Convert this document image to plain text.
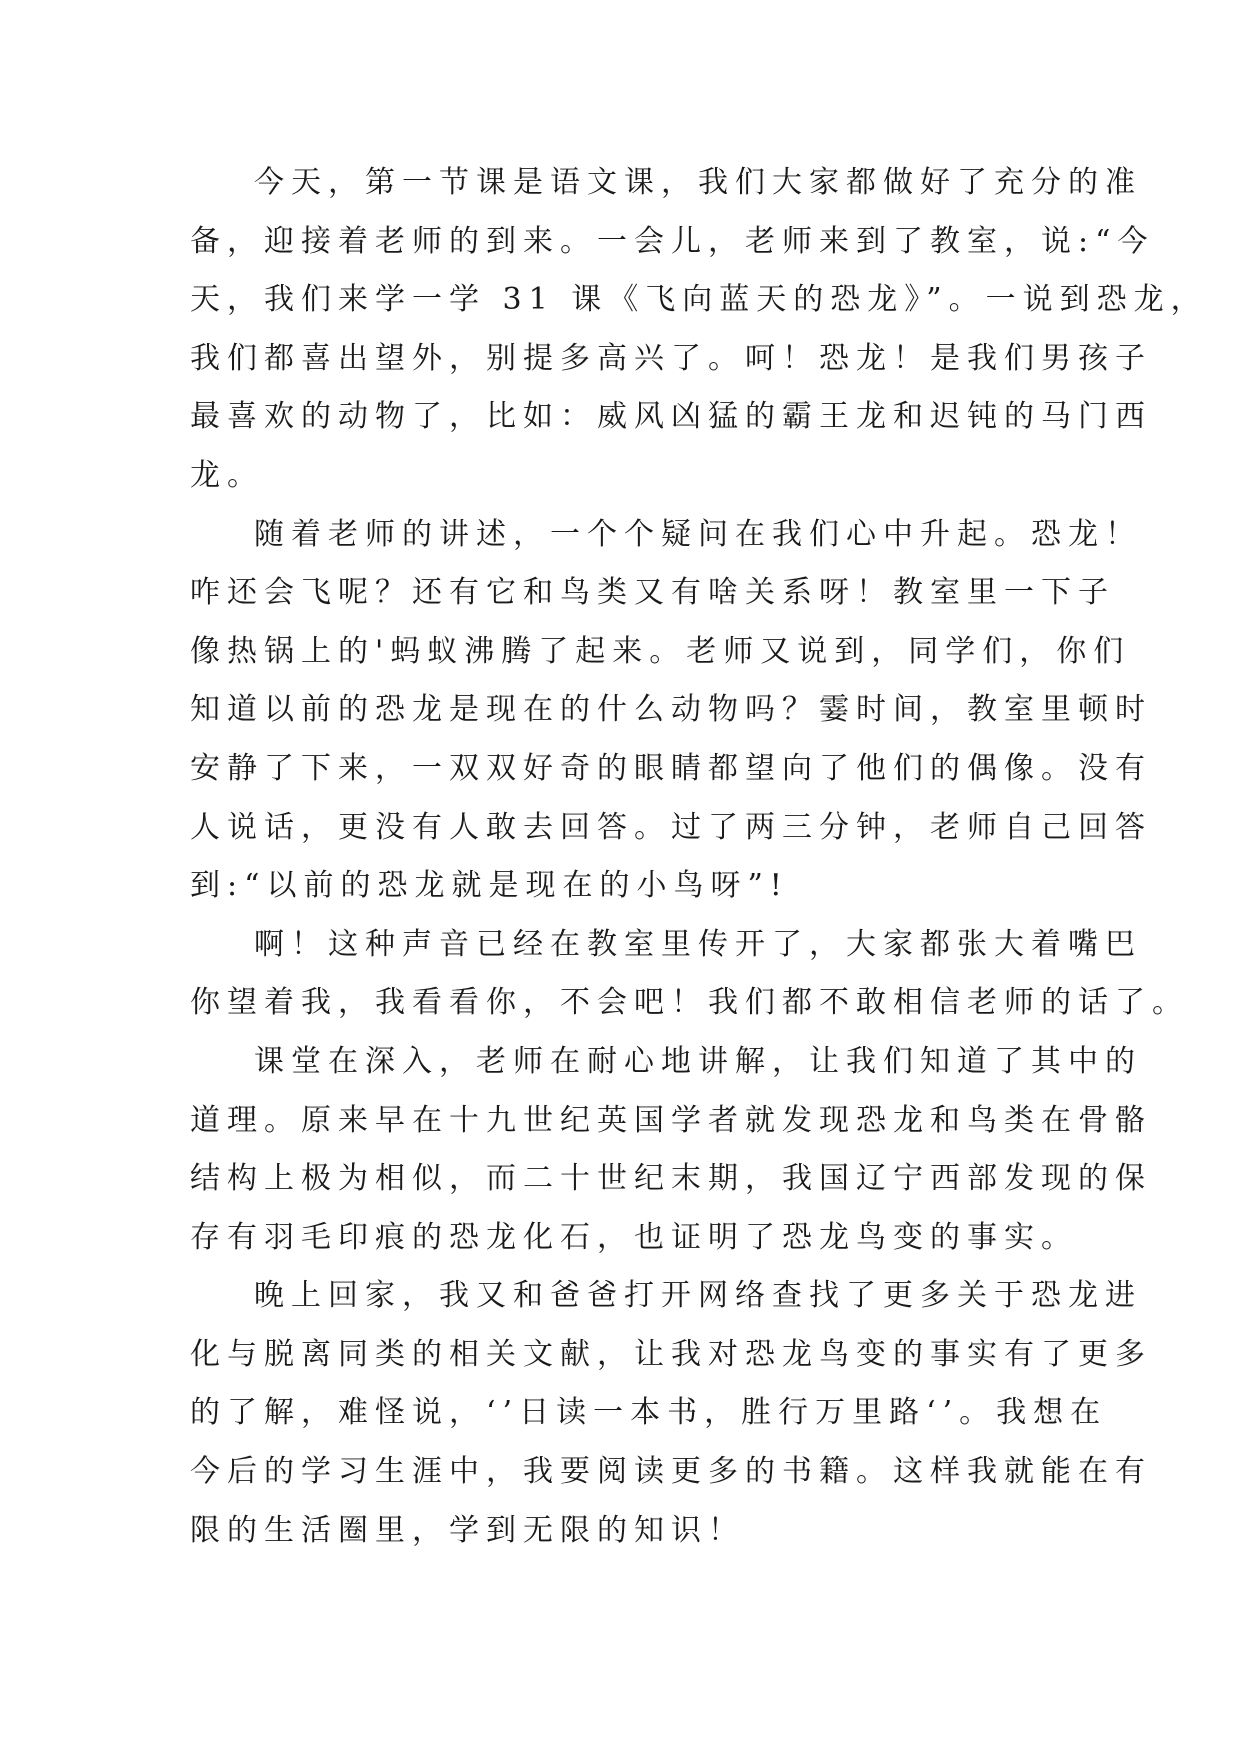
今天，第一节课是语文课，我们大家都做好了充分的准
备，迎接着老师的到来。一会儿，老师来到了教室，说:“今
天，我们来学一学 31 课《飞向蓝天的恐龙》”。一说到恐龙，
我们都喜出望外，别提多高兴了。呵！恐龙！是我们男孩子
最喜欢的动物了，比如：威风凶猛的霸王龙和迟钝的马门西
龙。
随着老师的讲述，一个个疑问在我们心中升起。恐龙！
咋还会飞呢？还有它和鸟类又有啥关系呀！教室里一下子
像热锅上的'蚂蚁沸腾了起来。老师又说到，同学们，你们
知道以前的恐龙是现在的什么动物吗？霎时间，教室里顿时
安静了下来，一双双好奇的眼睛都望向了他们的偶像。没有
人说话，更没有人敢去回答。过了两三分钟，老师自己回答
到:“以前的恐龙就是现在的小鸟呀”!
啊！这种声音已经在教室里传开了，大家都张大着嘴巴
你望着我，我看看你，不会吧！我们都不敢相信老师的话了。
课堂在深入，老师在耐心地讲解，让我们知道了其中的
道理。原来早在十九世纪英国学者就发现恐龙和鸟类在骨骼
结构上极为相似，而二十世纪末期，我国辽宁西部发现的保
存有羽毛印痕的恐龙化石，也证明了恐龙鸟变的事实。
晚上回家，我又和爸爸打开网络查找了更多关于恐龙进
化与脱离同类的相关文献，让我对恐龙鸟变的事实有了更多
的了解，难怪说，‘’日读一本书，胜行万里路‘’。我想在
今后的学习生涯中，我要阅读更多的书籍。这样我就能在有
限的生活圈里，学到无限的知识！
